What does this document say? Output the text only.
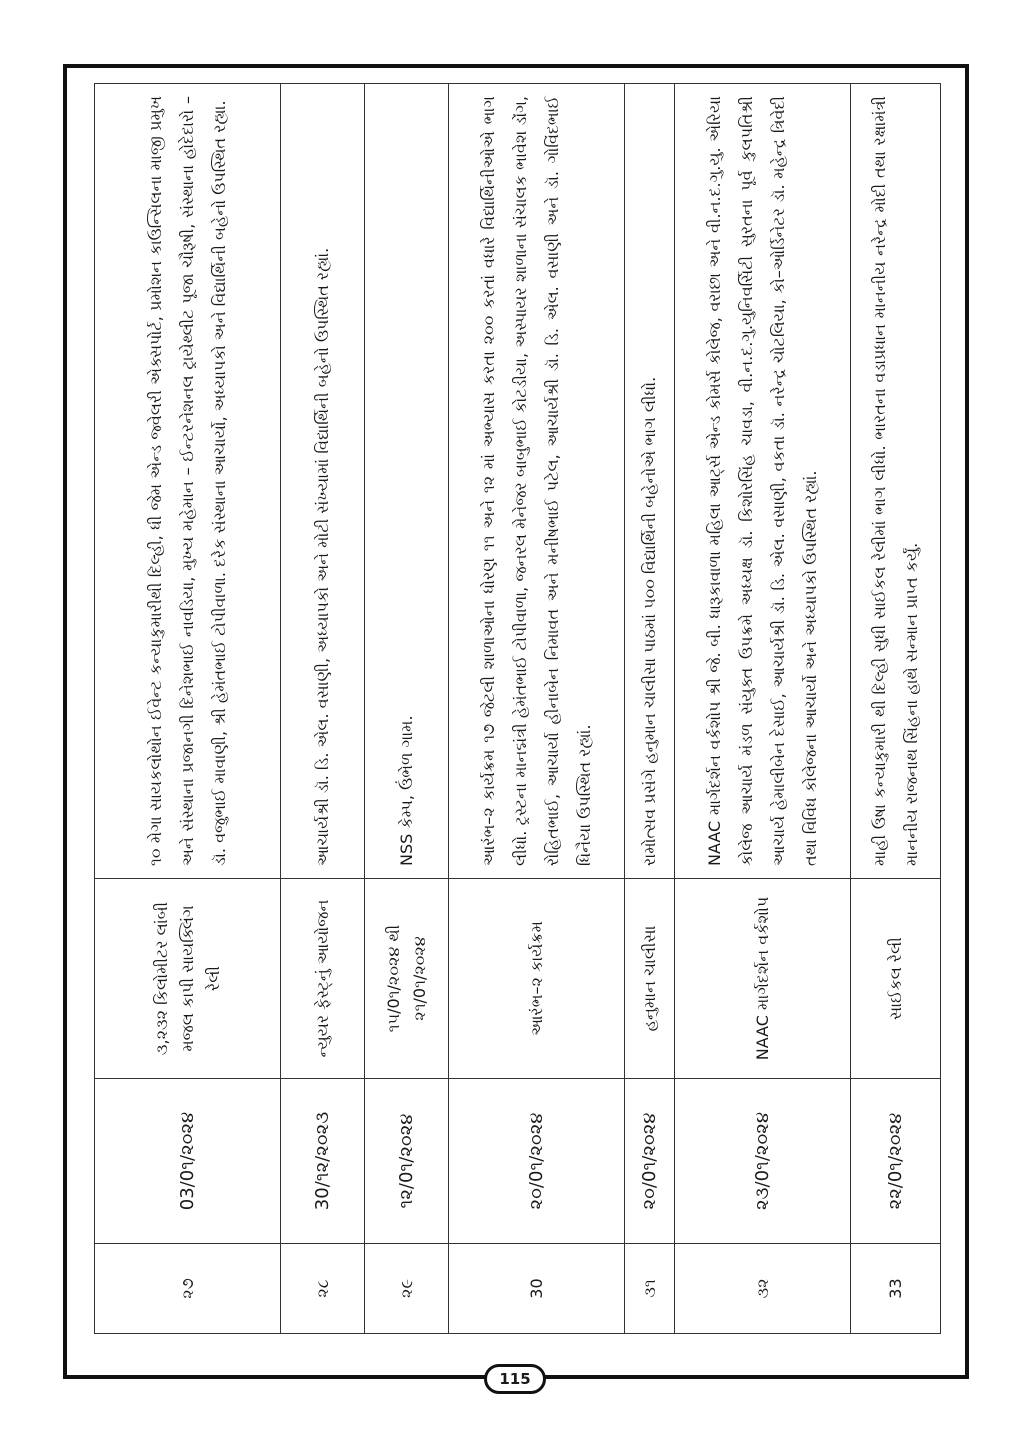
૨૭	03/0૧/૨૦૨૪	૩,૨૩૨ કિલોમીટર લાંબી મજલ કાપી સાયક્લિંગ રેલી	૧૦ મેગા સાયકલોથોન ઈવેન્ટ કન્યાકુમારીથી દિલ્હી, ધી જેમ એન્ડ જ્વેલરી એક્સપોર્ટ, પ્રમોશન કાઉન્સિલના માજી પ્રમુખ અને સંસ્થાના પ્રજાનગી દિનેશભાઈ નાવડિયા, મુખ્ય મહેમાન – ઈન્ટરનેશનલ ટ્રાયેથ્લીટ પૂજા ચૌરૂષી, સંસ્થાના હોદેદારો – ડૉ. વજુભાઈ માવાણી, શ્રી હેમંતભાઈ ટોપીવાળા. દરેક સંસ્થાના આચાર્યો, અધ્યાપકો અને વિદ્યાર્થિની બહેનો ઉપસ્થિત રહ્યા.
૨૮	30/૧૨/૨૦૨૩	ન્યુયર ફેસ્ટ્નું આયોજન	આચાર્યશ્રી ડૉ. ડિ. એલ. વસાણી, અધ્યાપકો અને મોટી સંખ્યામાં વિદ્યાર્થિની બહેનો ઉપસ્થિત રહ્યાં.
૨૯	૧૨/0૧/૨૦૨૪	૧૫/0૧/૨૦૨૪ થી ૨૧/0૧/૨૦૨૪	NSS કેમ્પ, ઉંભેળ ગામ.
30	૨૦/0૧/૨૦૨૪	આરંભ–૨ કાર્યક્રમ	આરંભ–૨ કાર્યક્રમ ૧૭ જેટલી શાળાઓના ધોરણ ૧૧ અને ૧૨ માં અભ્યાસ કરતા ૨૦૦ કરતાં વધારે વિદ્યાર્થિનીઓએ ભાગ લીધો. ટ્રસ્ટના માનદ્મંત્રી હેમંતભાઈ ટોપીવાળા, જનરલ મેનેજર બાબુભાઈ કોટડીયા, અસ્પાયર શાળાના સંચાલક ભાવેશ ડોંગ, રોહિતભાઈ, આચાર્યા હીનાબેન નિમાવત અને મનીષભાઈ પટેલ, આચાર્યશ્રી ડૉ. ડિ. એલ. વસાણી અને ડૉ. ગોવિંદભાઈ ધિનૈયા ઉપસ્થિત રહ્યાં.
૩૧	૨૦/0૧/૨૦૨૪	હનુમાન ચાલીસા	રામોત્સવ પ્રસંગે હનુમાન ચાલીસા પાઠમાં ૫૦૦ વિદ્યાર્થિની બહેનોએ ભાગ લીધો.
૩૨	૨૩/0૧/૨૦૨૪	NAAC માર્ગદર્શન વર્કશોપ	NAAC માર્ગદર્શન વર્કશોપ શ્રી જે. બી. ધારૂકાવાળા મહિલા આર્ટ્સ એન્ડ કોમર્સ કોલેજ, વરાછા અને વી.ન.દ.ગુ.યુ. એરિયા કોલેજ આચાર્ય મંડળ સંયુક્ત ઉપક્રમે અધ્યક્ષ ડૉ. કિશોરસિંહ ચાવડા, વી.ન.દ.ગુ.યુનિવર્સિટી સુરતના પૂર્વ કુલપતિશ્રી આચાર્ય હેમાલીબેન દેસાઈ, આચાર્યશ્રી ડૉ. ડિ. એલ. વસાણી, વકતા ડૉ. નરેન્દ્ર ચોટલિયા, કો–ઓર્ડિનેટર ડૉ. મહેન્દ્ર ત્રિવેદી તથા વિવિધ કોલેજના આચાર્યો અને અધ્યાપકો ઉપસ્થિત રહ્યાં.
33	૨૨/0૧/૨૦૨૪	સાઈકલ રેલી	માહી ઉષા કન્યાકુમારી થી દિલ્હી સુધી સાઈકલ રેલીમાં ભાગ લીધો. ભારતના વડાપ્રધાન માનનીય નરેન્દ્ર મોદી તથા રક્ષામંત્રી માનનીય રાજનાથ સિંહના હાથે સન્માન પ્રાપ્ત કર્યું.
115
